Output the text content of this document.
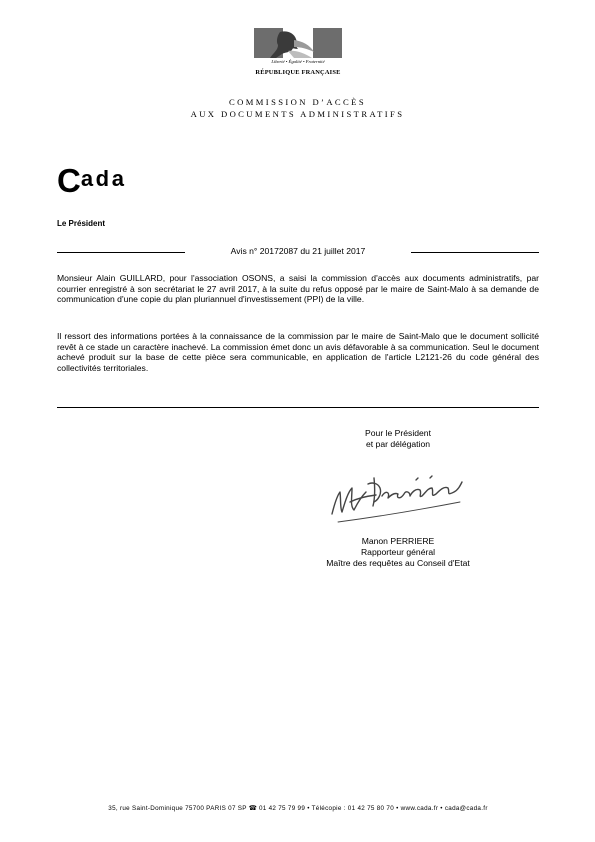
Liberté • Égalité • Fraternité
RÉPUBLIQUE FRANÇAISE
COMMISSION D’ACCÈS
AUX DOCUMENTS ADMINISTRATIFS
Cada
Le Président
Avis n° 20172087 du 21 juillet 2017
Monsieur Alain GUILLARD, pour l'association OSONS, a saisi la commission d'accès aux documents administratifs, par courrier enregistré à son secrétariat le 27 avril 2017, à la suite du refus opposé par le maire de Saint-Malo à sa demande de communication d'une copie du plan pluriannuel d'investissement (PPI) de la ville.
Il ressort des informations portées à la connaissance de la commission par le maire de Saint-Malo que le document sollicité revêt à ce stade un caractère inachevé. La commission émet donc un avis défavorable à sa communication. Seul le document achevé produit sur la base de cette pièce sera communicable, en application de l'article L2121-26 du code général des collectivités territoriales.
Pour le Président
et par délégation
Manon PERRIERE
Rapporteur général
Maître des requêtes au Conseil d'Etat
35, rue Saint-Dominique 75700 PARIS 07 SP ☎ 01 42 75 79 99 • Télécopie : 01 42 75 80 70 • www.cada.fr • cada@cada.fr
